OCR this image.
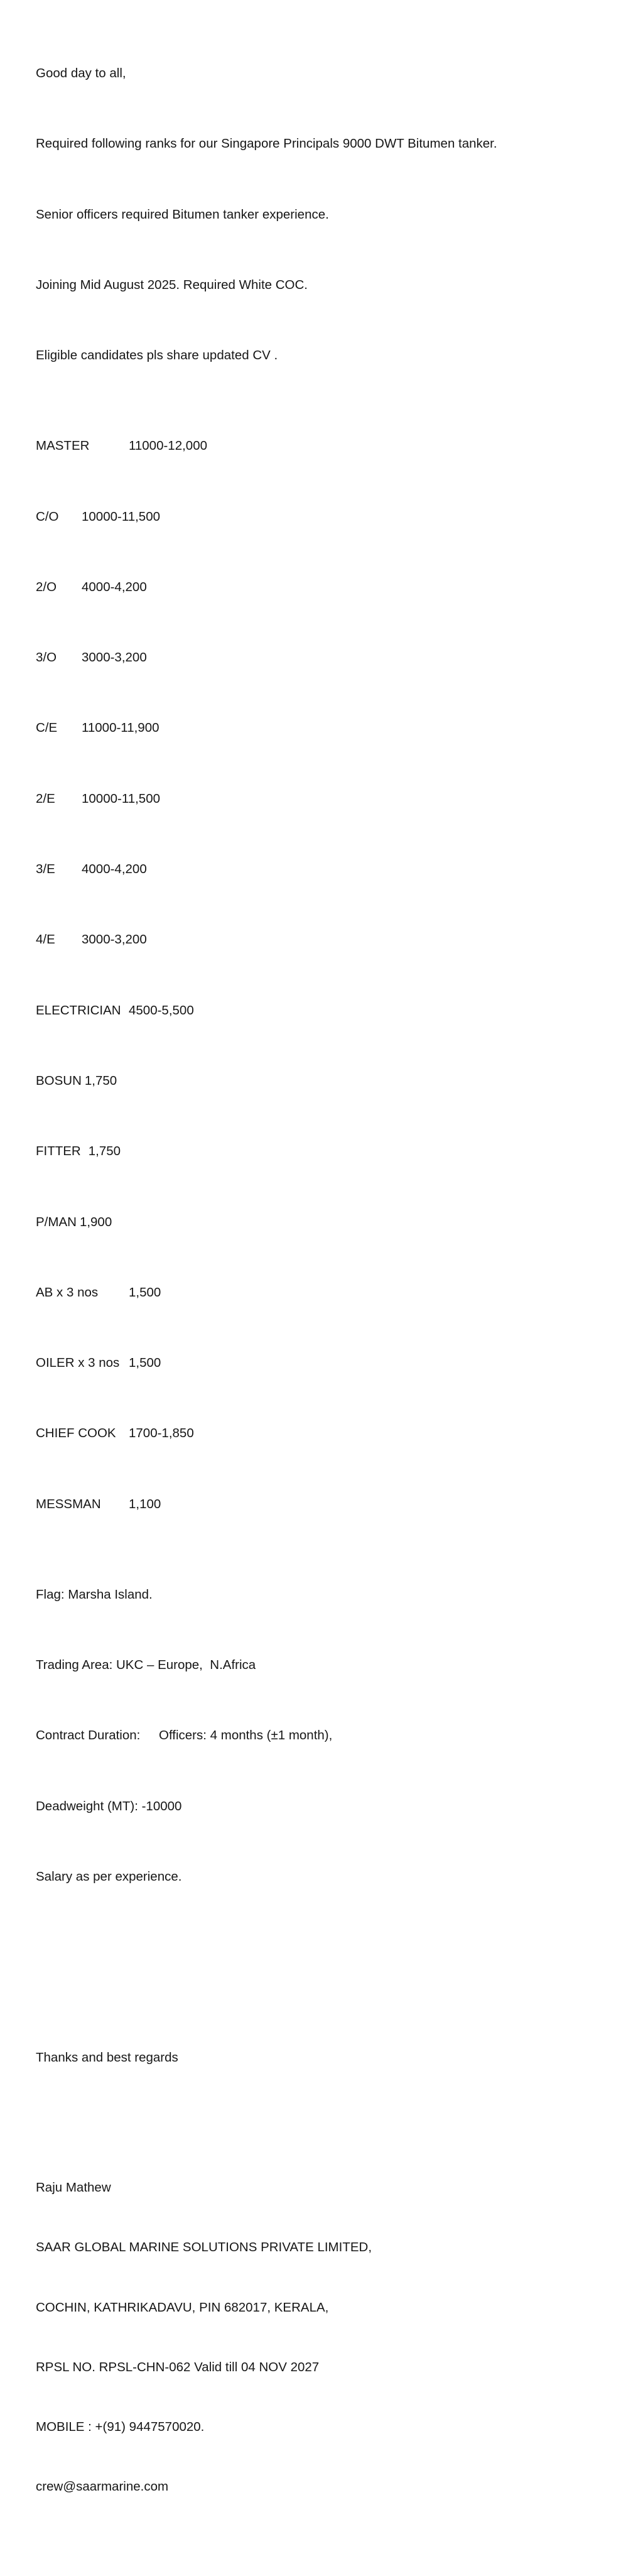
Good day to all,

Required following ranks for our Singapore Principals 9000 DWT Bitumen tanker.

Senior officers required Bitumen tanker experience.

Joining Mid August 2025. Required White COC.

Eligible candidates pls share updated CV .

MASTER	11000-12,000

C/O 10000-11,500

2/O 4000-4,200

3/O 3000-3,200

C/E 11000-11,900

2/E 10000-11,500

3/E 4000-4,200

4/E 3000-3,200

ELECTRICIAN 4500-5,500

BOSUN 1,750

FITTER 1,750

P/MAN 1,900

AB x 3 nos 1,500

OILER x 3 nos 1,500

CHIEF COOK 1700-1,850

MESSMAN 1,100

Flag: Marsha Island.

Trading Area: UKC – Europe,  N.Africa

Contract Duration: Officers: 4 months (±1 month),

Deadweight (MT): -10000

Salary as per experience.

Thanks and best regards

Raju Mathew

SAAR GLOBAL MARINE SOLUTIONS PRIVATE LIMITED,

COCHIN, KATHRIKADAVU, PIN 682017, KERALA,

RPSL NO. RPSL-CHN-062 Valid till 04 NOV 2027

MOBILE : +(91) 9447570020.

crew@saarmarine.com
